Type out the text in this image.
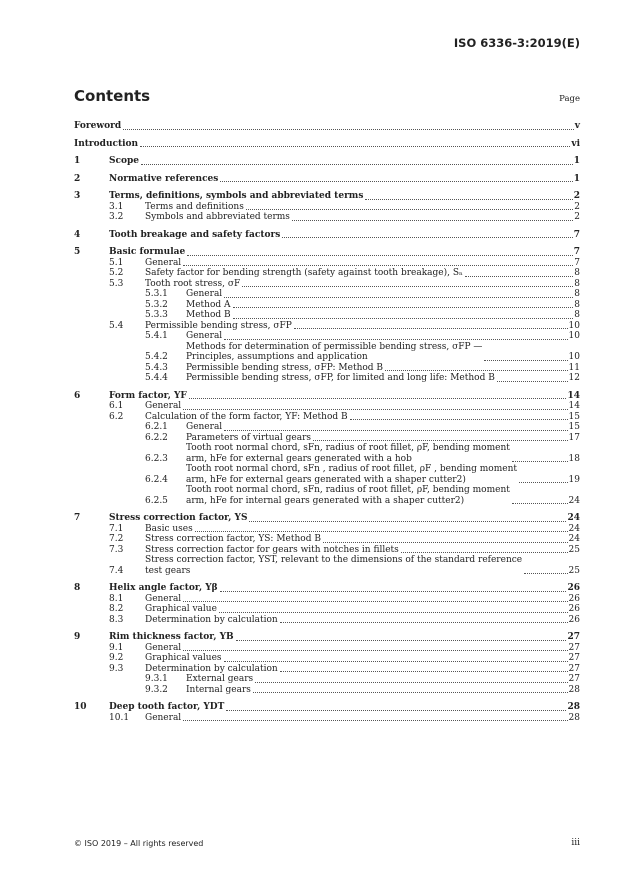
ISO 6336-3:2019(E)
Contents	Page
Foreword	v
Introduction	vi
1	Scope	1
2	Normative references	1
3	Terms, definitions, symbols and abbreviated terms	2
3.1 Terms and definitions	2
3.2 Symbols and abbreviated terms	2
4	Tooth breakage and safety factors	7
5	Basic formulae	7
5.1 General	7
5.2 Safety factor for bending strength (safety against tooth breakage), Sₙ	8
5.3 Tooth root stress, σF	8
5.3.1 General	8
5.3.2 Method A	8
5.3.3 Method B	8
5.4 Permissible bending stress, σFP	10
5.4.1 General	10
5.4.2
Methods for determination of permissible bending stress, σFP —
Principles, assumptions and application	10
5.4.3 Permissible bending stress, σFP: Method B	11
5.4.4 Permissible bending stress, σFP, for limited and long life: Method B	12
6	Form factor, YF	14
6.1 General	14
6.2 Calculation of the form factor, YF: Method B	15
6.2.1 General	15
6.2.2 Parameters of virtual gears	17
6.2.3
Tooth root normal chord, sFn, radius of root fillet, ρF, bending moment
arm, hFe for external gears generated with a hob	18
6.2.4
Tooth root normal chord, sFn , radius of root fillet, ρF , bending moment
arm, hFe for external gears generated with a shaper cutter2)	19
6.2.5
Tooth root normal chord, sFn, radius of root fillet, ρF, bending moment
arm, hFe for internal gears generated with a shaper cutter2)	24
7	Stress correction factor, YS	24
7.1 Basic uses	24
7.2 Stress correction factor, YS: Method B	24
7.3 Stress correction factor for gears with notches in fillets	25
7.4
Stress correction factor, YST, relevant to the dimensions of the standard reference
test gears	25
8	Helix angle factor, Yβ	26
8.1 General	26
8.2 Graphical value	26
8.3 Determination by calculation	26
9	Rim thickness factor, YB	27
9.1 General	27
9.2 Graphical values	27
9.3 Determination by calculation	27
9.3.1 External gears	27
9.3.2 Internal gears	28
10 Deep tooth factor, YDT	28
10.1 General	28
© ISO 2019 – All rights reserved	iii
